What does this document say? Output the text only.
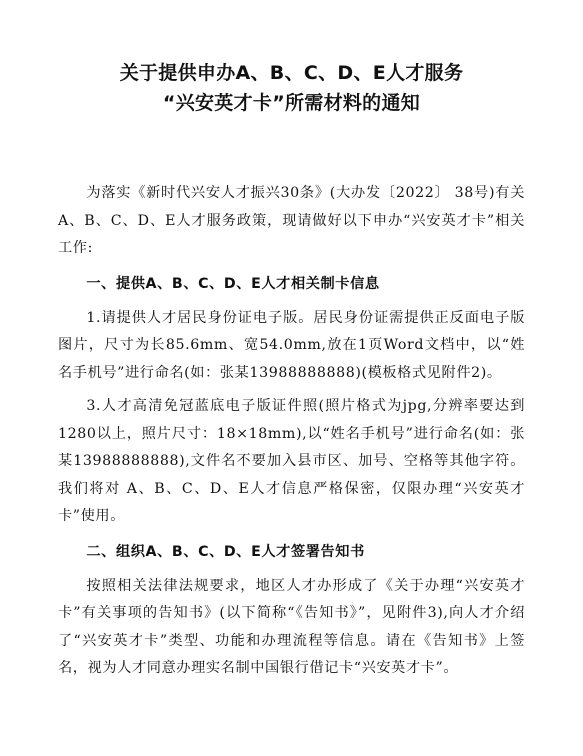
关于提供申办A、B、C、D、E人才服务

“兴安英才卡”所需材料的通知

为落实《新时代兴安人才振兴30条》(大办发〔2022〕 38号)有关A、B、C、D、E人才服务政策，现请做好以下申办“兴安英才卡”相关工作:

一、提供A、B、C、D、E人才相关制卡信息

1.请提供人才居民身份证电子版。居民身份证需提供正反面电子版图片，尺寸为长85.6mm、宽54.0mm,放在1页Word文档中，以“姓名手机号”进行命名(如：张某13988888888)(模板格式见附件2)。

3.人才高清免冠蓝底电子版证件照(照片格式为jpg,分辨率要达到1280以上，照片尺寸：18×18mm),以“姓名手机号”进行命名(如：张某13988888888),文件名不要加入县市区、加号、空格等其他字符。我们将对 A、B、C、D、E人才信息严格保密，仅限办理“兴安英才卡”使用。

二、组织A、B、C、D、E人才签署告知书

按照相关法律法规要求，地区人才办形成了《关于办理“兴安英才卡”有关事项的告知书》(以下简称“《告知书》”，见附件3),向人才介绍了“兴安英才卡”类型、功能和办理流程等信息。请在《告知书》上签名，视为人才同意办理实名制中国银行借记卡“兴安英才卡”。
